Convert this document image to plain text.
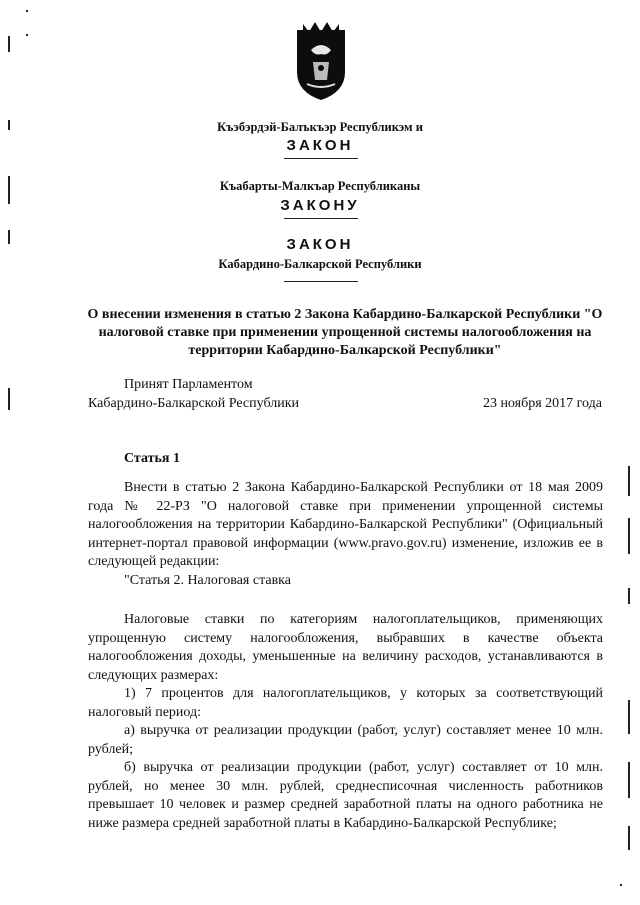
Къэбэрдэй-Балъкъэр Республикэм и
ЗАКОН
Къабарты-Малкъар Республиканы
ЗАКОНУ
ЗАКОН
Кабардино-Балкарской Республики
О внесении изменения в статью 2 Закона Кабардино-Балкарской Республики "О налоговой ставке при применении упрощенной системы налогообложения на территории Кабардино-Балкарской Республики"
Принят Парламентом
Кабардино-Балкарской Республики	23 ноября 2017 года
Статья 1

Внести в статью 2 Закона Кабардино-Балкарской Республики от 18 мая 2009 года № 22-РЗ "О налоговой ставке при применении упрощенной системы налогообложения на территории Кабардино-Балкарской Республики" (Официальный интернет-портал правовой информации (www.pravo.gov.ru) изменение, изложив ее в следующей редакции:

"Статья 2. Налоговая ставка

Налоговые ставки по категориям налогоплательщиков, применяющих упрощенную систему налогообложения, выбравших в качестве объекта налогообложения доходы, уменьшенные на величину расходов, устанавливаются в следующих размерах:

1) 7 процентов для налогоплательщиков, у которых за соответствующий налоговый период:

а) выручка от реализации продукции (работ, услуг) составляет менее 10 млн. рублей;

б) выручка от реализации продукции (работ, услуг) составляет от 10 млн. рублей, но менее 30 млн. рублей, среднесписочная численность работников превышает 10 человек и размер средней заработной платы на одного работника не ниже размера средней заработной платы в Кабардино-Балкарской Республике;
